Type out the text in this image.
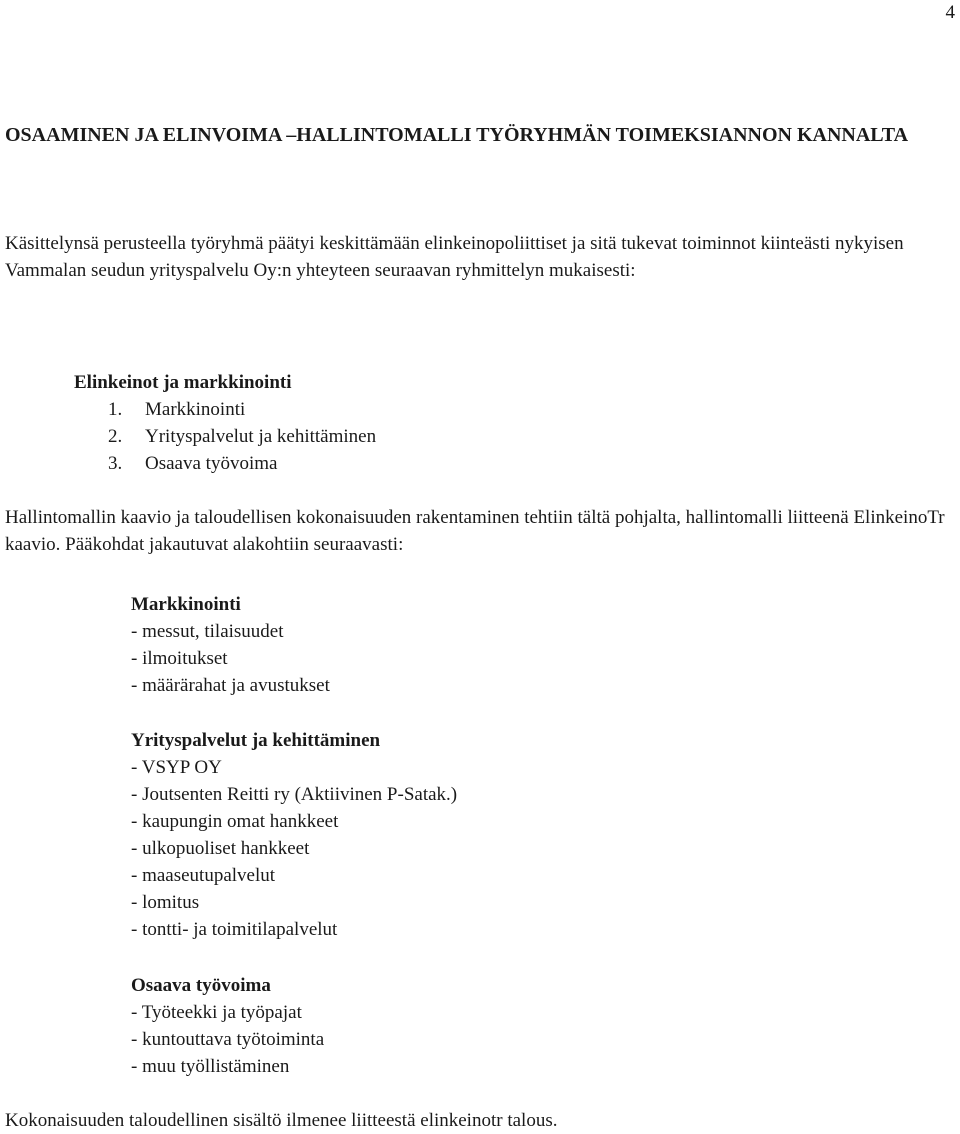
4
OSAAMINEN JA ELINVOIMA –HALLINTOMALLI TYÖRYHMÄN TOIMEKSIANNON KANNALTA

Käsittelynsä perusteella työryhmä päätyi keskittämään elinkeinopoliittiset ja sitä tukevat toiminnot kiinteästi nykyisen Vammalan seudun yrityspalvelu Oy:n yhteyteen seuraavan ryhmittelyn mukaisesti:

Elinkeinot ja markkinointi
1. Markkinointi
2. Yrityspalvelut ja kehittäminen
3. Osaava työvoima

Hallintomallin kaavio ja taloudellisen kokonaisuuden rakentaminen tehtiin tältä pohjalta, hallintomalli liitteenä ElinkeinoTr kaavio. Pääkohdat jakautuvat alakohtiin seuraavasti:

Markkinointi
- messut, tilaisuudet
- ilmoitukset
- määrärahat ja avustukset
Yrityspalvelut ja kehittäminen
- VSYP OY
- Joutsenten Reitti ry (Aktiivinen P-Satak.)
- kaupungin omat hankkeet
- ulkopuoliset hankkeet
- maaseutupalvelut
- lomitus
- tontti- ja toimitilapalvelut
Osaava työvoima
- Työteekki ja työpajat
- kuntouttava työtoiminta
- muu työllistäminen

Kokonaisuuden taloudellinen sisältö ilmenee liitteestä elinkeinotr talous.
